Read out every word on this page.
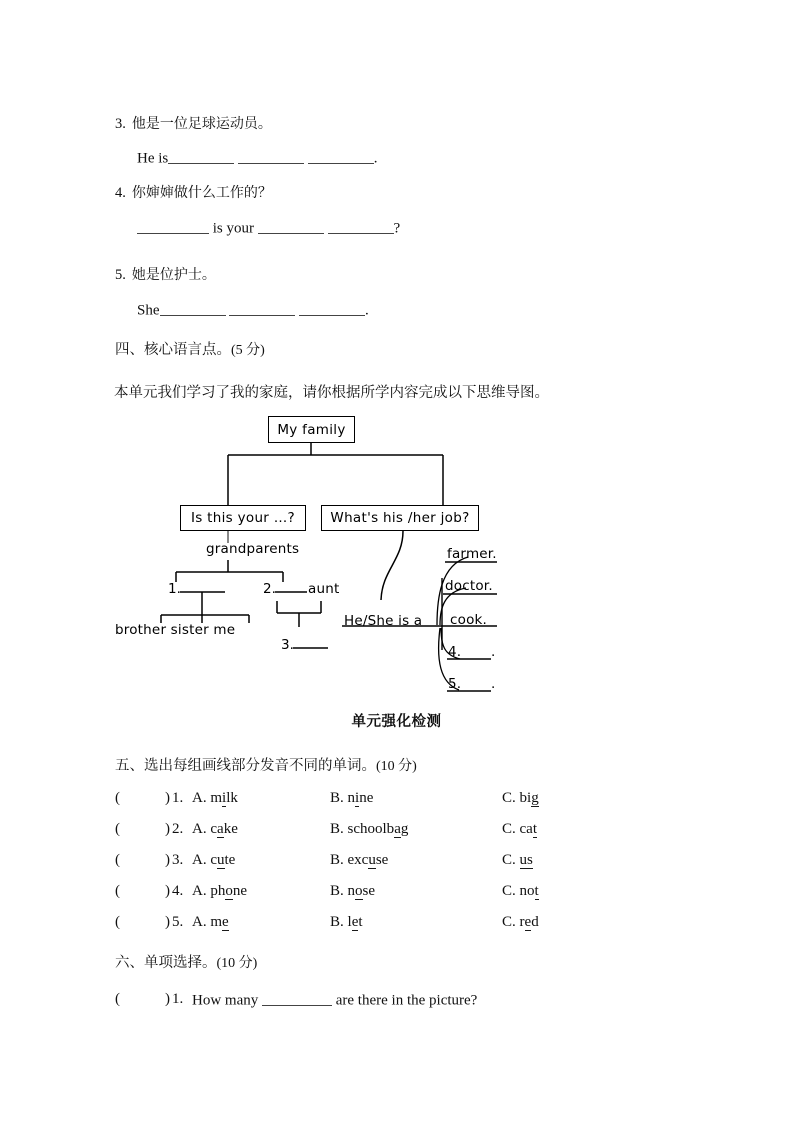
3. 他是一位足球运动员。
He is	.
4. 你婶婶做什么工作的？
is your	?
5. 她是位护士。
She	.
四、核心语言点。(5 分)
本单元我们学习了我的家庭，请你根据所学内容完成以下思维导图。
My family
Is this your …?	What's his /her job?
grandparents
1.	2. aunt
3.
brother sister me
He/She is a
farmer.
doctor.
cook.
4.
5.
.
.
单元强化检测
五、选出每组画线部分发音不同的单词。(10 分)
(	) 1. A. milk	B. nine	C. big
(	) 2. A. cake	B. schoolbag	C. cat
(	) 3. A. cute	B. excuse	C. us
(	) 4. A. phone	B. nose	C. not
(	) 5. A. me	B. let	C. red
六、单项选择。(10 分)
(	) 1. How many	are there in the picture?
